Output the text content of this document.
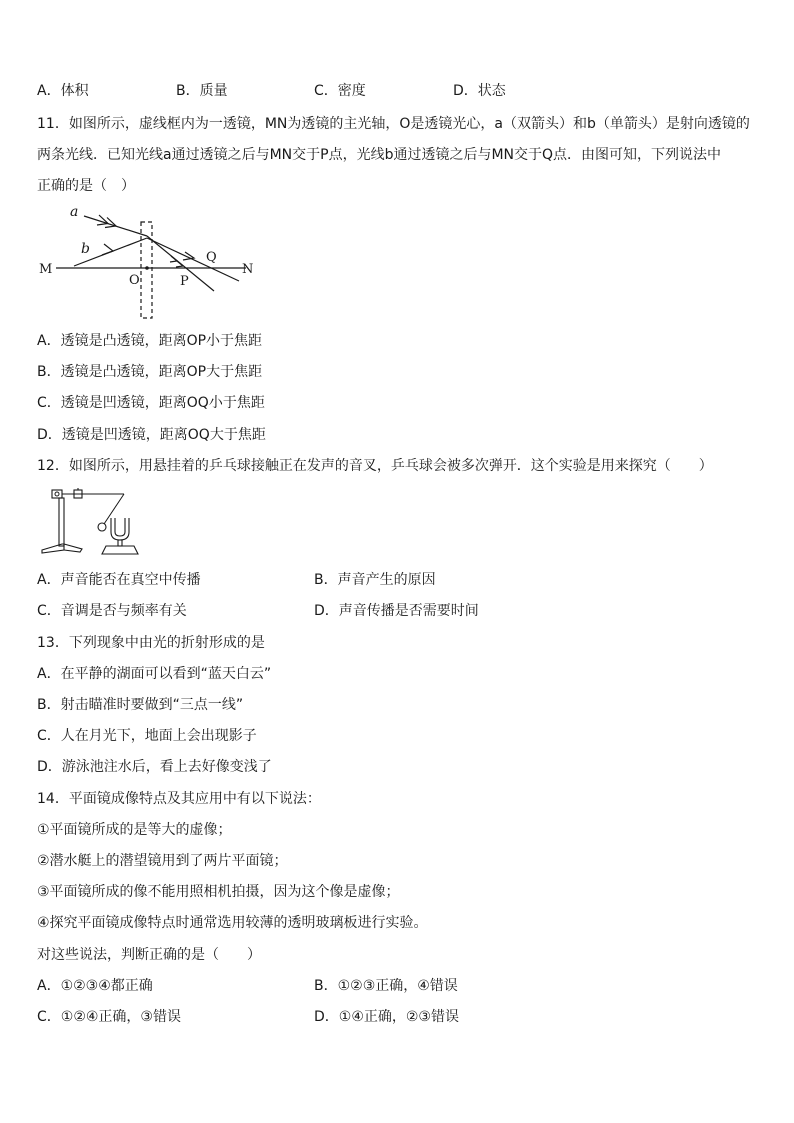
A．体积	B．质量	C．密度	D．状态
11．如图所示，虚线框内为一透镜，MN为透镜的主光轴，O是透镜光心，a（双箭头）和b（单箭头）是射向透镜的
两条光线．已知光线a通过透镜之后与MN交于P点，光线b通过透镜之后与MN交于Q点．由图可知，下列说法中
正确的是（　）
a
b
M	N
O	P
Q
A．透镜是凸透镜，距离OP小于焦距
B．透镜是凸透镜，距离OP大于焦距
C．透镜是凹透镜，距离OQ小于焦距
D．透镜是凹透镜，距离OQ大于焦距
12．如图所示，用悬挂着的乒乓球接触正在发声的音叉，乒乓球会被多次弹开．这个实验是用来探究（　　）
A．声音能否在真空中传播	B．声音产生的原因
C．音调是否与频率有关	D．声音传播是否需要时间
13．下列现象中由光的折射形成的是
A．在平静的湖面可以看到“蓝天白云”
B．射击瞄准时要做到“三点一线”
C．人在月光下，地面上会出现影子
D．游泳池注水后，看上去好像变浅了
14．平面镜成像特点及其应用中有以下说法：
①平面镜所成的是等大的虚像；
②潜水艇上的潜望镜用到了两片平面镜；
③平面镜所成的像不能用照相机拍摄，因为这个像是虚像；
④探究平面镜成像特点时通常选用较薄的透明玻璃板进行实验。
对这些说法，判断正确的是（　　）
A．①②③④都正确	B．①②③正确，④错误
C．①②④正确，③错误	D．①④正确，②③错误
